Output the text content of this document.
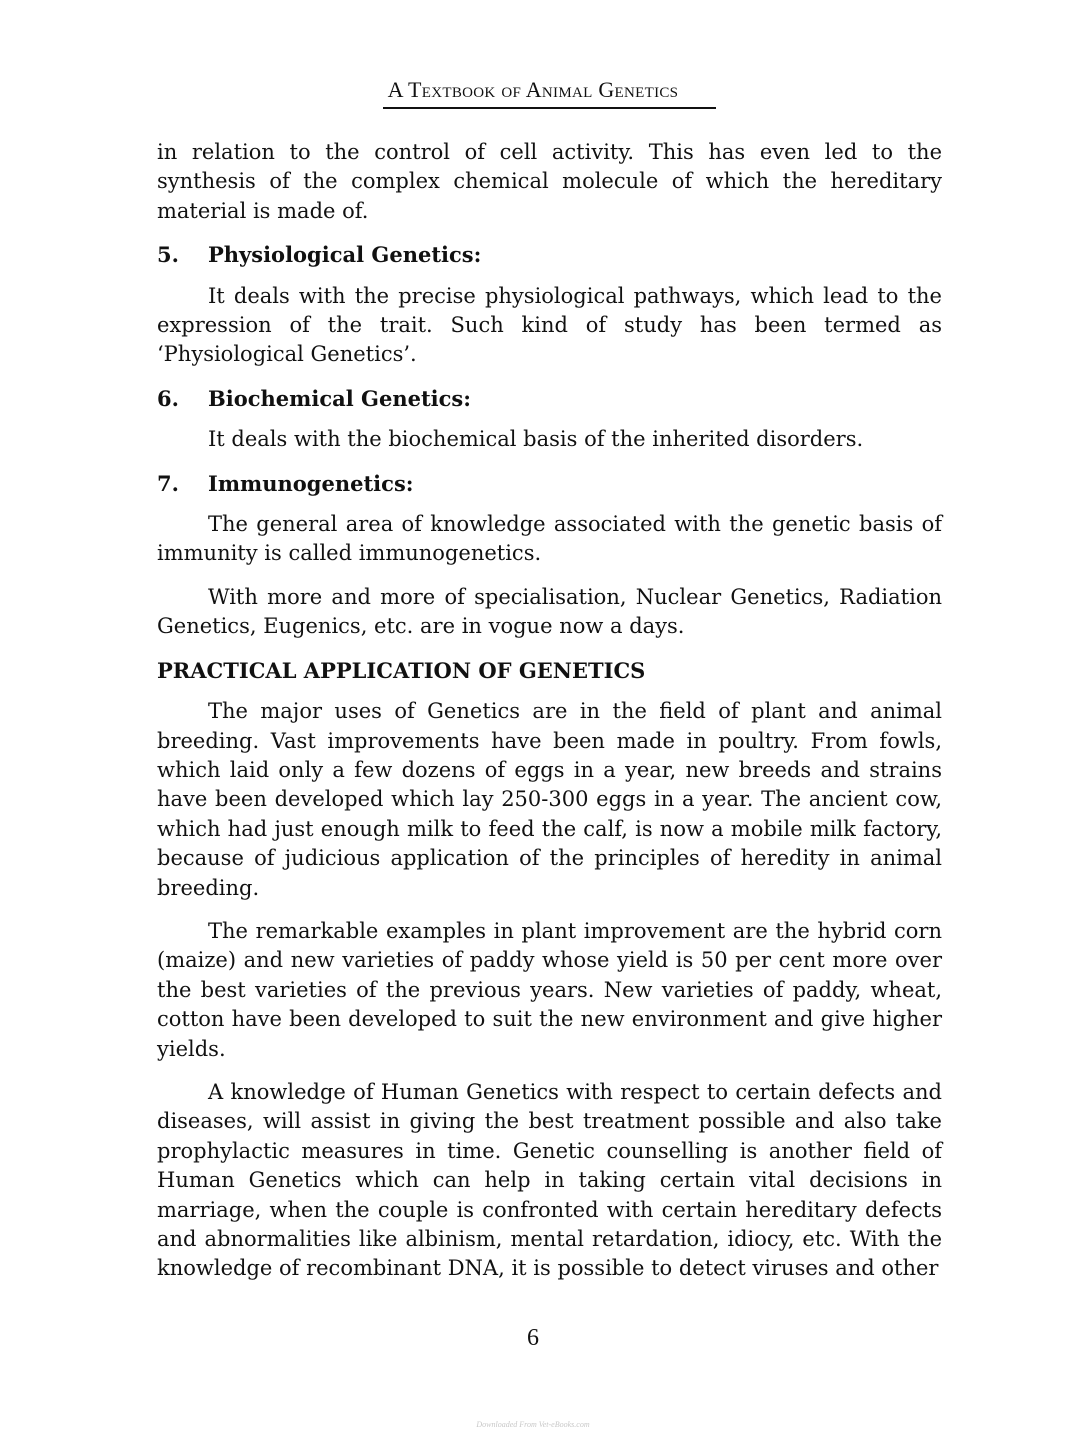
A Textbook of Animal Genetics

in relation to the control of cell activity. This has even led to the synthesis of the complex chemical molecule of which the hereditary material is made of.

5. Physiological Genetics:

It deals with the precise physiological pathways, which lead to the expression of the trait. Such kind of study has been termed as ‘Physiological Genetics’.

6. Biochemical Genetics:

It deals with the biochemical basis of the inherited disorders.

7. Immunogenetics:

The general area of knowledge associated with the genetic basis of immunity is called immunogenetics.

With more and more of specialisation, Nuclear Genetics, Radiation Genetics, Eugenics, etc. are in vogue now a days.

PRACTICAL APPLICATION OF GENETICS

The major uses of Genetics are in the field of plant and animal breeding. Vast improvements have been made in poultry. From fowls, which laid only a few dozens of eggs in a year, new breeds and strains have been developed which lay 250-300 eggs in a year. The ancient cow, which had just enough milk to feed the calf, is now a mobile milk factory, because of judicious application of the principles of heredity in animal breeding.

The remarkable examples in plant improvement are the hybrid corn (maize) and new varieties of paddy whose yield is 50 per cent more over the best varieties of the previous years. New varieties of paddy, wheat, cotton have been developed to suit the new environment and give higher yields.

A knowledge of Human Genetics with respect to certain defects and diseases, will assist in giving the best treatment possible and also take prophylactic measures in time. Genetic counselling is another field of Human Genetics which can help in taking certain vital decisions in marriage, when the couple is confronted with certain hereditary defects and abnormalities like albinism, mental retardation, idiocy, etc. With the knowledge of recombinant DNA, it is possible to detect viruses and other

6
Downloaded From Vet-eBooks.com
